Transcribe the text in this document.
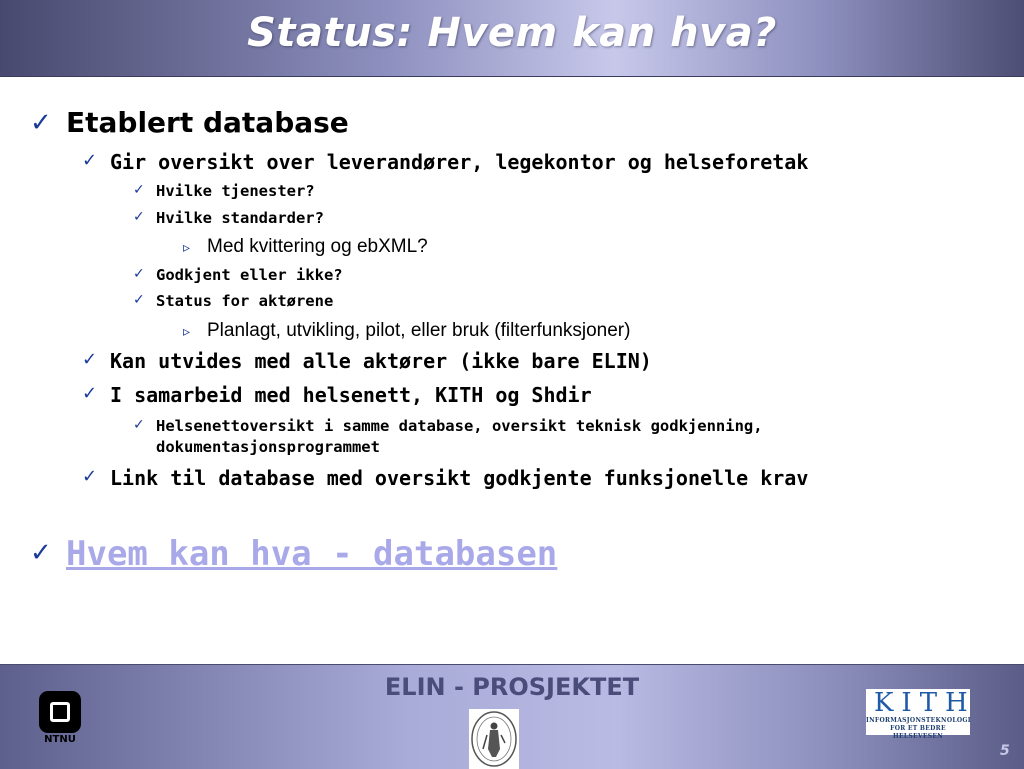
Status: Hvem kan hva?
✓ Etablert database
✓ Gir oversikt over leverandører, legekontor og helseforetak
✓ Hvilke tjenester?
✓ Hvilke standarder?
▹ Med kvittering og ebXML?
✓ Godkjent eller ikke?
✓ Status for aktørene
▹ Planlagt, utvikling, pilot, eller bruk (filterfunksjoner)
✓ Kan utvides med alle aktører (ikke bare ELIN)
✓ I samarbeid med helsenett, KITH og Shdir
✓ Helsenettoversikt i samme database, oversikt teknisk godkjenning,
dokumentasjonsprogrammet
✓ Link til database med oversikt godkjente funksjonelle krav
✓ Hvem kan hva - databasen
ELIN - PROSJEKTET
NTNU
KITH
INFORMASJONSTEKNOLOGI
FOR ET BEDRE HELSEVESEN
5
